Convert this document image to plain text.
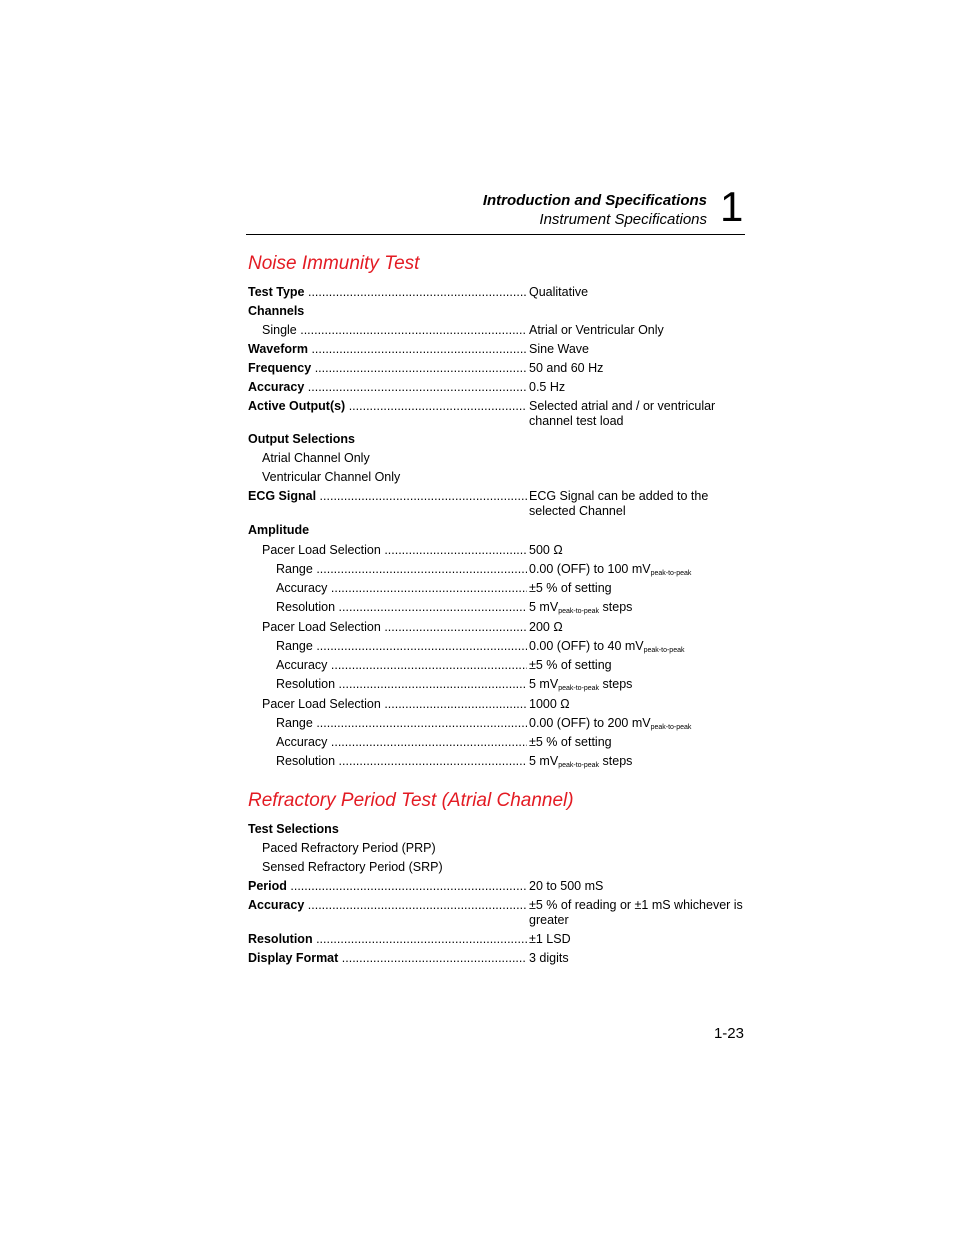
Introduction and Specifications
Instrument Specifications 1
Noise Immunity Test
Test Type .....	Qualitative
Channels
Single .....	Atrial or Ventricular Only
Waveform .....	Sine Wave
Frequency .....	50 and 60 Hz
Accuracy .....	0.5 Hz
Active Output(s) .....	Selected atrial and / or ventricular channel test load
Output Selections
Atrial Channel Only
Ventricular Channel Only
ECG Signal .....	ECG Signal can be added to the selected Channel
Amplitude
Pacer Load Selection .....	500 Ω
Range .....	0.00 (OFF) to 100 $mV_{peak-to-peak}$
Accuracy .....	±5 % of setting
Resolution .....	5 $mV_{peak-to-peak}$ steps
Pacer Load Selection .....	200 Ω
Range .....	0.00 (OFF) to 40 $mV_{peak-to-peak}$
Accuracy .....	±5 % of setting
Resolution .....	5 $mV_{peak-to-peak}$ steps
Pacer Load Selection .....	1000 Ω
Range .....	0.00 (OFF) to 200 $mV_{peak-to-peak}$
Accuracy .....	±5 % of setting
Resolution .....	5 $mV_{peak-to-peak}$ steps
Refractory Period Test (Atrial Channel)
Test Selections
Paced Refractory Period (PRP)
Sensed Refractory Period (SRP)
Period .....	20 to 500 mS
Accuracy .....	±5 % of reading or ±1 mS whichever is greater
Resolution .....	±1 LSD
Display Format .....	3 digits
1-23
